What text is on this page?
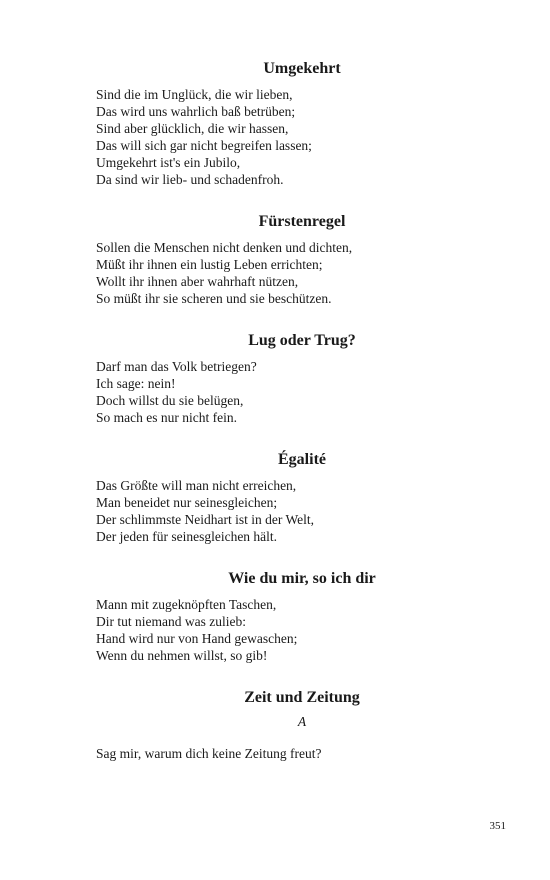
Umgekehrt
Sind die im Unglück, die wir lieben,
Das wird uns wahrlich baß betrüben;
Sind aber glücklich, die wir hassen,
Das will sich gar nicht begreifen lassen;
Umgekehrt ist's ein Jubilo,
Da sind wir lieb- und schadenfroh.
Fürstenregel
Sollen die Menschen nicht denken und dichten,
Müßt ihr ihnen ein lustig Leben errichten;
Wollt ihr ihnen aber wahrhaft nützen,
So müßt ihr sie scheren und sie beschützen.
Lug oder Trug?
Darf man das Volk betriegen?
Ich sage: nein!
Doch willst du sie belügen,
So mach es nur nicht fein.
Égalité
Das Größte will man nicht erreichen,
Man beneidet nur seinesgleichen;
Der schlimmste Neidhart ist in der Welt,
Der jeden für seinesgleichen hält.
Wie du mir, so ich dir
Mann mit zugeknöpften Taschen,
Dir tut niemand was zulieb:
Hand wird nur von Hand gewaschen;
Wenn du nehmen willst, so gib!
Zeit und Zeitung
A
Sag mir, warum dich keine Zeitung freut?
351
